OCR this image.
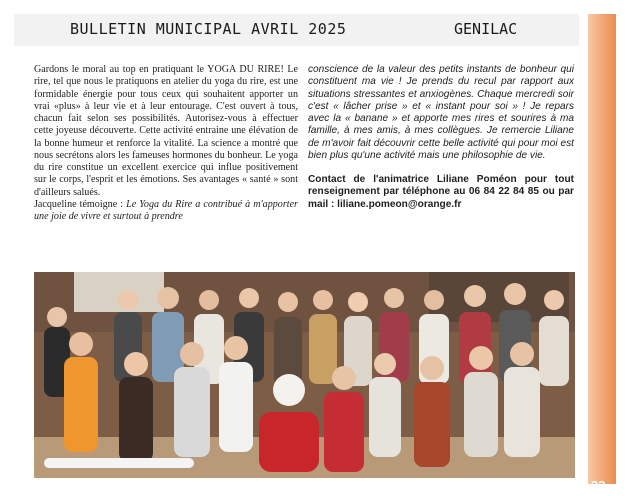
BULLETIN MUNICIPAL AVRIL 2025	GENILAC
33

Gardons le moral au top en pratiquant le YOGA DU RIRE! Le rire, tel que nous le pratiquons en atelier du yoga du rire, est une formidable énergie pour tous ceux qui souhaitent apporter un vrai «plus» à leur vie et à leur entourage. C'est ouvert à tous, chacun fait selon ses possibilités. Autorisez-vous à effectuer cette joyeuse découverte. Cette activité entraine une élévation de la bonne humeur et renforce la vitalité. La science a montré que nous secrétons alors les fameuses hormones du bonheur. Le yoga du rire constitue un excellent exercice qui influe positivement sur le corps, l'esprit et les émotions. Ses avantages « santé » sont d'ailleurs salués.

Jacqueline témoigne : Le Yoga du Rire a contribué à m'apporter une joie de vivre et surtout à prendre

conscience de la valeur des petits instants de bonheur qui constituent ma vie ! Je prends du recul par rapport aux situations stressantes et anxiogènes. Chaque mercredi soir c'est « lâcher prise » et « instant pour soi » ! Je repars avec la « banane » et apporte mes rires et sourires à ma famille, à mes amis, à mes collègues. Je remercie Liliane de m'avoir fait découvrir cette belle activité qui pour moi est bien plus qu'une activité mais une philosophie de vie.

Contact de l'animatrice Liliane Poméon pour tout renseignement par téléphone au 06 84 22 84 85 ou par mail : liliane.pomeon@orange.fr
